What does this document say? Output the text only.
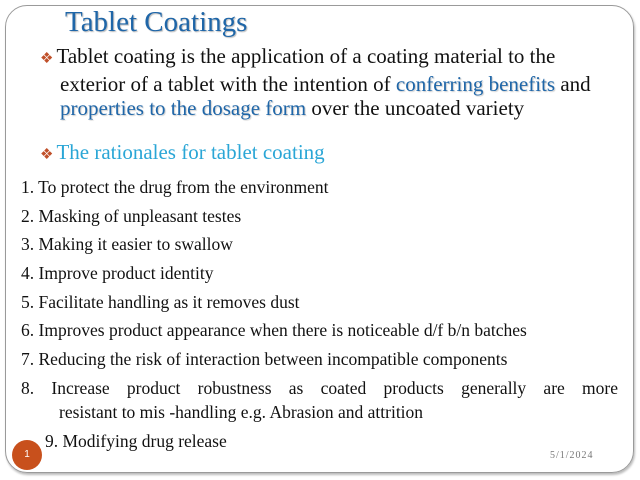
Tablet Coatings
❖ Tablet coating is the application of a coating material to the exterior of a tablet with the intention of conferring benefits and properties to the dosage form over the uncoated variety
❖ The rationales for tablet coating
1. To protect the drug from the environment
2. Masking of unpleasant testes
3. Making it easier to swallow
4. Improve product identity
5. Facilitate handling as it removes dust
6. Improves product appearance when there is noticeable d/f b/n batches
7. Reducing the risk of interaction between incompatible components
8. Increase product robustness as coated products generally are more
resistant to mis -handling e.g. Abrasion and attrition
9. Modifying drug release
1	5/1/2024
